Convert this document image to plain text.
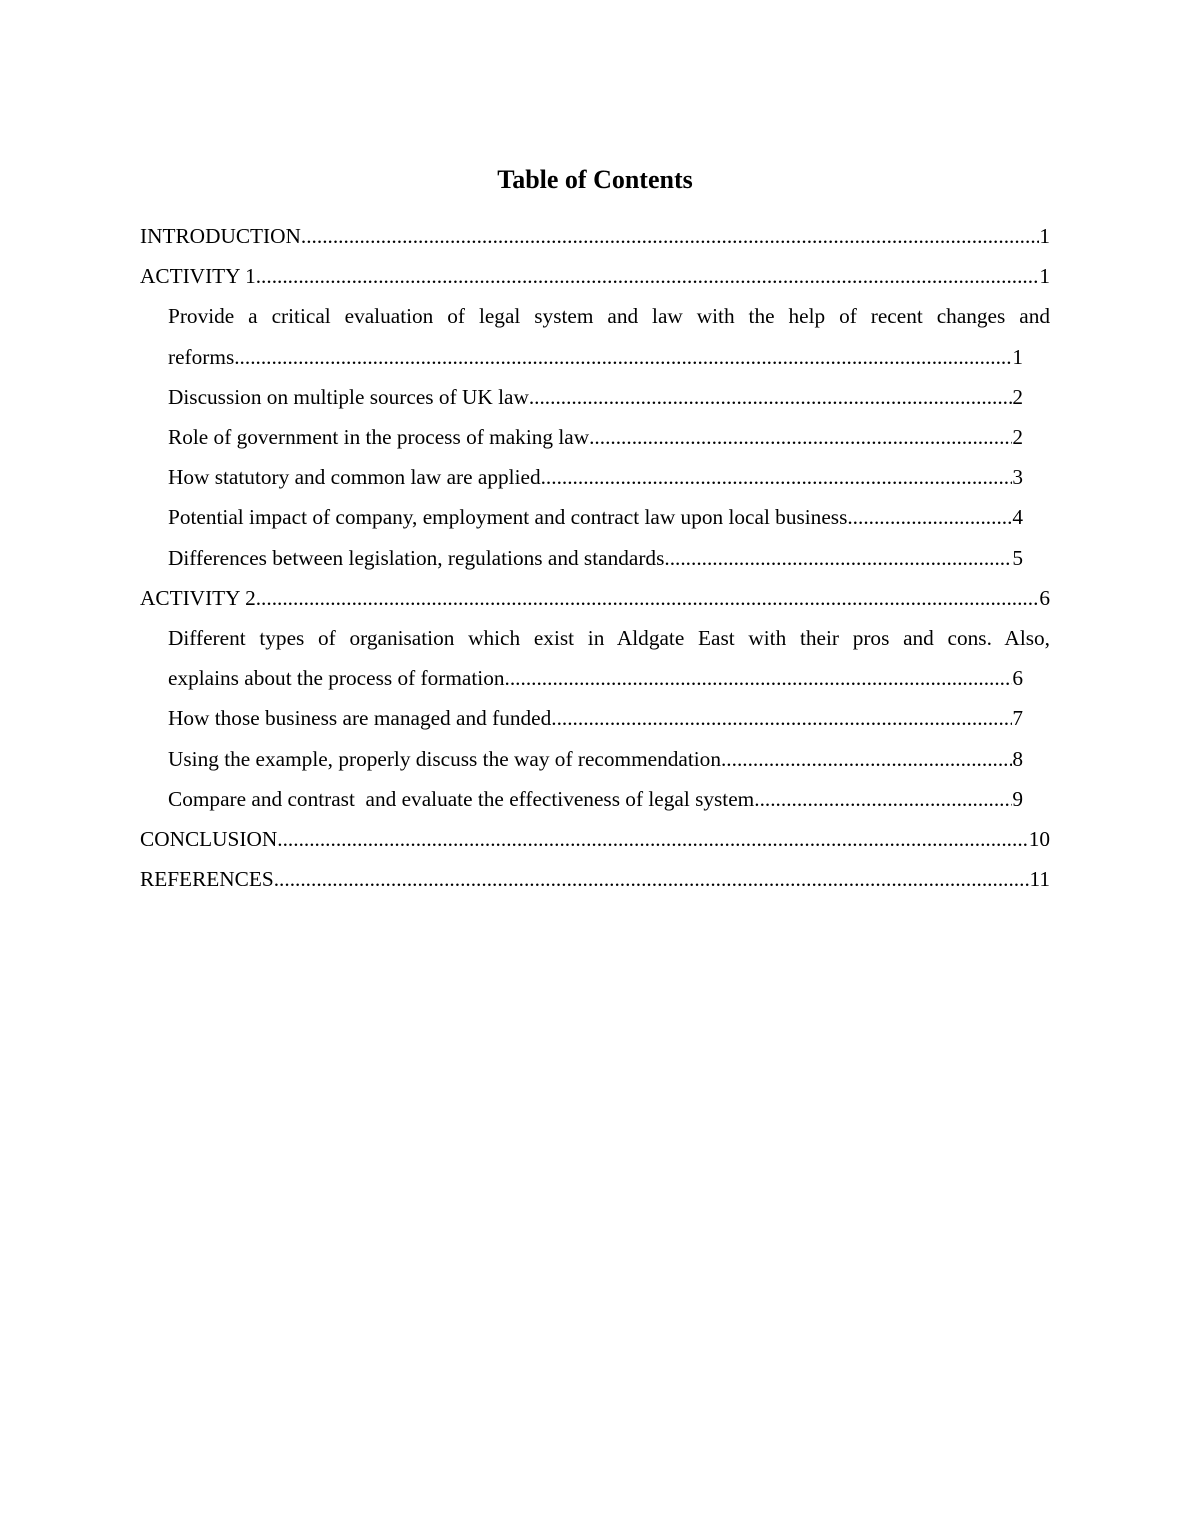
Table of Contents
INTRODUCTION .....	1
ACTIVITY 1 .....	1
Provide a critical evaluation of legal system and law with the help of recent changes and
reforms .....	1
Discussion on multiple sources of UK law .....	2
Role of government in the process of making law .....	2
How statutory and common law are applied .....	3
Potential impact of company, employment and contract law upon local business .....	4
Differences between legislation, regulations and standards .....	5
ACTIVITY 2 .....	6
Different types of organisation which exist in Aldgate East with their pros and cons. Also,
explains about the process of formation .....	6
How those business are managed and funded .....	7
Using the example, properly discuss the way of recommendation .....	8
Compare and contrast  and evaluate the effectiveness of legal system .....	9
CONCLUSION .....	10
REFERENCES .....	11
